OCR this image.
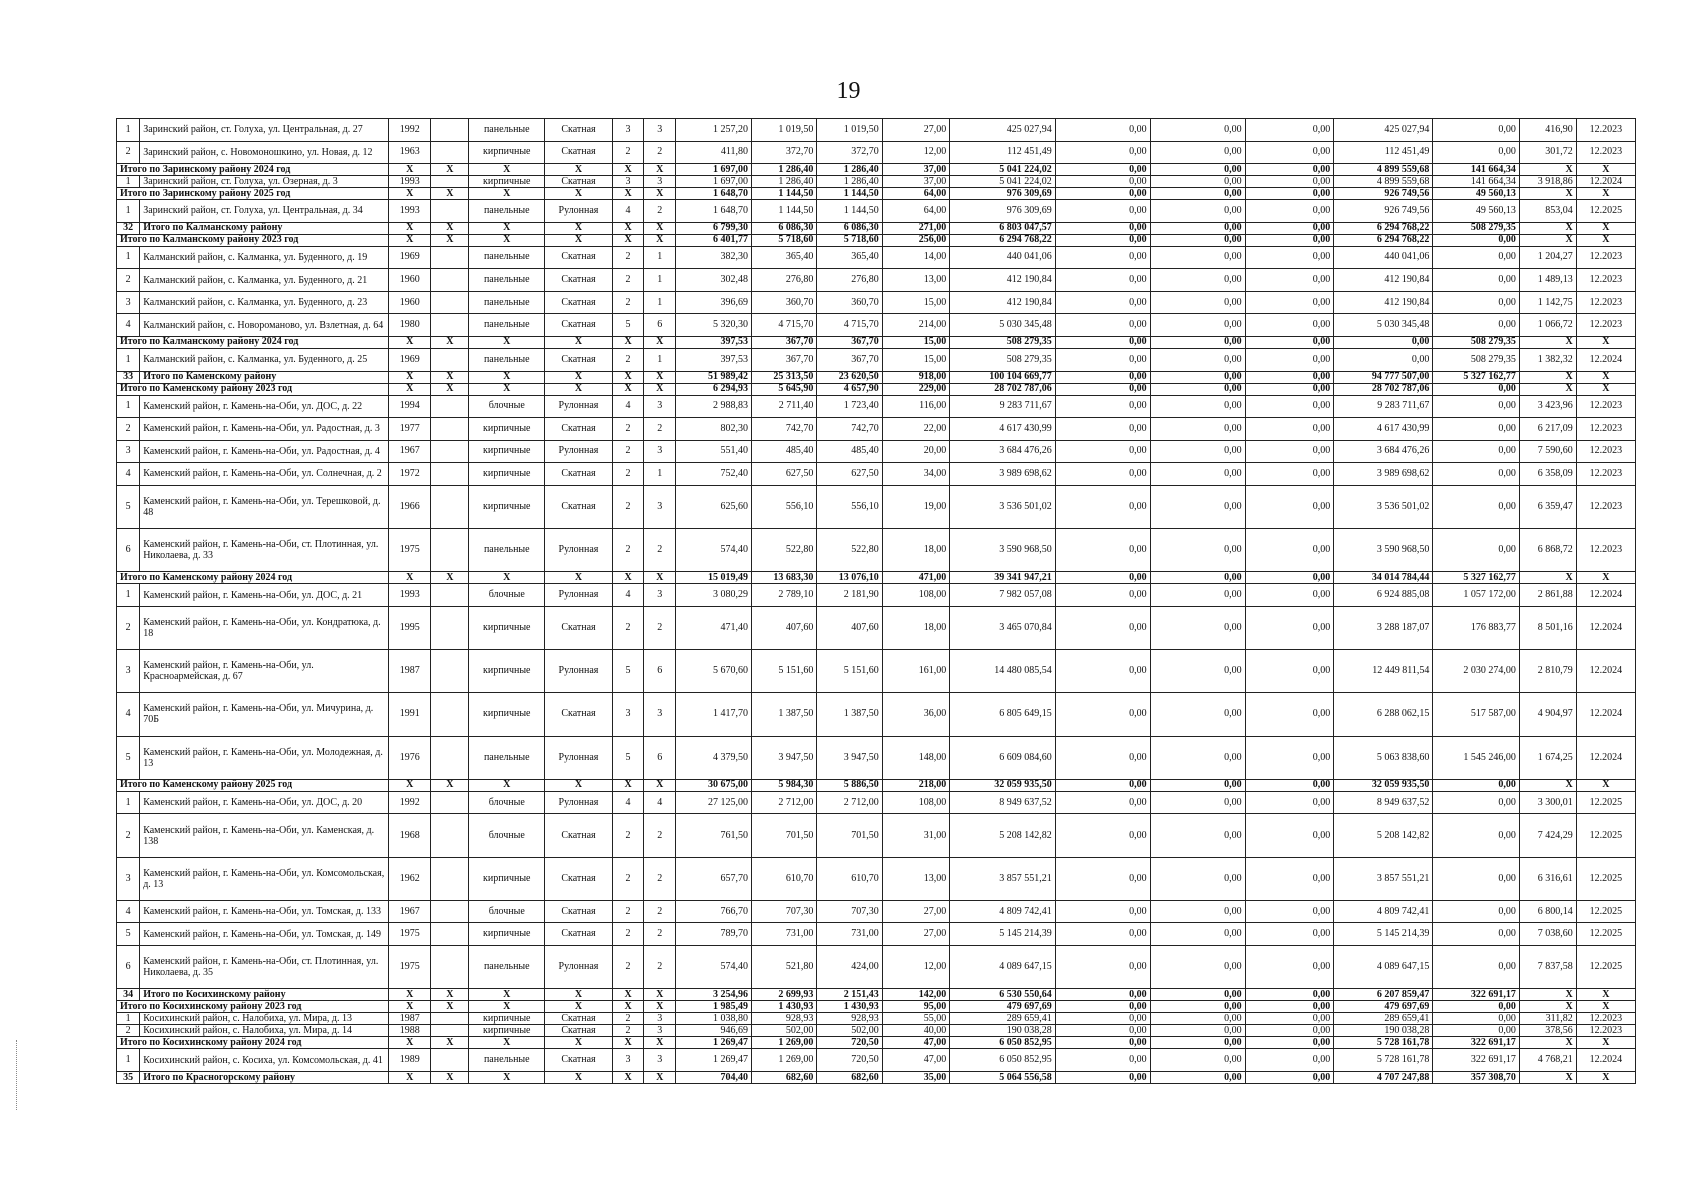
19
1	Заринский район, ст. Голуха, ул. Центральная, д. 27	1992		панельные	Скатная	3	3	1 257,20	1 019,50	1 019,50	27,00	425 027,94	0,00	0,00	0,00	425 027,94	0,00	416,90	12.2023
2	Заринский район, с. Новомоношкино, ул. Новая, д. 12	1963		кирпичные	Скатная	2	2	411,80	372,70	372,70	12,00	112 451,49	0,00	0,00	0,00	112 451,49	0,00	301,72	12.2023
Итого по Заринскому району 2024 год		X	X	X	X	X	X	1 697,00	1 286,40	1 286,40	37,00	5 041 224,02	0,00	0,00	0,00	4 899 559,68	141 664,34	X	X
1	Заринский район, ст. Голуха, ул. Озерная, д. 3	1993		кирпичные	Скатная	3	3	1 697,00	1 286,40	1 286,40	37,00	5 041 224,02	0,00	0,00	0,00	4 899 559,68	141 664,34	3 918,86	12.2024
Итого по Заринскому району 2025 год		X	X	X	X	X	X	1 648,70	1 144,50	1 144,50	64,00	976 309,69	0,00	0,00	0,00	926 749,56	49 560,13	X	X
1	Заринский район, ст. Голуха, ул. Центральная, д. 34	1993		панельные	Рулонная	4	2	1 648,70	1 144,50	1 144,50	64,00	976 309,69	0,00	0,00	0,00	926 749,56	49 560,13	853,04	12.2025
32	Итого по Калманскому району	X	X	X	X	X	X	6 799,30	6 086,30	6 086,30	271,00	6 803 047,57	0,00	0,00	0,00	6 294 768,22	508 279,35	X	X
Итого по Калманскому району 2023 год		X	X	X	X	X	X	6 401,77	5 718,60	5 718,60	256,00	6 294 768,22	0,00	0,00	0,00	6 294 768,22	0,00	X	X
1	Калманский район, с. Калманка, ул. Буденного, д. 19	1969		панельные	Скатная	2	1	382,30	365,40	365,40	14,00	440 041,06	0,00	0,00	0,00	440 041,06	0,00	1 204,27	12.2023
2	Калманский район, с. Калманка, ул. Буденного, д. 21	1960		панельные	Скатная	2	1	302,48	276,80	276,80	13,00	412 190,84	0,00	0,00	0,00	412 190,84	0,00	1 489,13	12.2023
3	Калманский район, с. Калманка, ул. Буденного, д. 23	1960		панельные	Скатная	2	1	396,69	360,70	360,70	15,00	412 190,84	0,00	0,00	0,00	412 190,84	0,00	1 142,75	12.2023
4	Калманский район, с. Новороманово, ул. Взлетная, д. 64	1980		панельные	Скатная	5	6	5 320,30	4 715,70	4 715,70	214,00	5 030 345,48	0,00	0,00	0,00	5 030 345,48	0,00	1 066,72	12.2023
Итого по Калманскому району 2024 год		X	X	X	X	X	X	397,53	367,70	367,70	15,00	508 279,35	0,00	0,00	0,00	0,00	508 279,35	X	X
1	Калманский район, с. Калманка, ул. Буденного, д. 25	1969		панельные	Скатная	2	1	397,53	367,70	367,70	15,00	508 279,35	0,00	0,00	0,00	0,00	508 279,35	1 382,32	12.2024
33	Итого по Каменскому району	X	X	X	X	X	X	51 989,42	25 313,50	23 620,50	918,00	100 104 669,77	0,00	0,00	0,00	94 777 507,00	5 327 162,77	X	X
Итого по Каменскому району 2023 год		X	X	X	X	X	X	6 294,93	5 645,90	4 657,90	229,00	28 702 787,06	0,00	0,00	0,00	28 702 787,06	0,00	X	X
1	Каменский район, г. Камень-на-Оби, ул. ДОС, д. 22	1994		блочные	Рулонная	4	3	2 988,83	2 711,40	1 723,40	116,00	9 283 711,67	0,00	0,00	0,00	9 283 711,67	0,00	3 423,96	12.2023
2	Каменский район, г. Камень-на-Оби, ул. Радостная, д. 3	1977		кирпичные	Скатная	2	2	802,30	742,70	742,70	22,00	4 617 430,99	0,00	0,00	0,00	4 617 430,99	0,00	6 217,09	12.2023
3	Каменский район, г. Камень-на-Оби, ул. Радостная, д. 4	1967		кирпичные	Рулонная	2	3	551,40	485,40	485,40	20,00	3 684 476,26	0,00	0,00	0,00	3 684 476,26	0,00	7 590,60	12.2023
4	Каменский район, г. Камень-на-Оби, ул. Солнечная, д. 2	1972		кирпичные	Скатная	2	1	752,40	627,50	627,50	34,00	3 989 698,62	0,00	0,00	0,00	3 989 698,62	0,00	6 358,09	12.2023
5	Каменский район, г. Камень-на-Оби, ул. Терешковой, д. 48	1966		кирпичные	Скатная	2	3	625,60	556,10	556,10	19,00	3 536 501,02	0,00	0,00	0,00	3 536 501,02	0,00	6 359,47	12.2023
6	Каменский район, г. Камень-на-Оби, ст. Плотинная, ул. Николаева, д. 33	1975		панельные	Рулонная	2	2	574,40	522,80	522,80	18,00	3 590 968,50	0,00	0,00	0,00	3 590 968,50	0,00	6 868,72	12.2023
Итого по Каменскому району 2024 год		X	X	X	X	X	X	15 019,49	13 683,30	13 076,10	471,00	39 341 947,21	0,00	0,00	0,00	34 014 784,44	5 327 162,77	X	X
1	Каменский район, г. Камень-на-Оби, ул. ДОС, д. 21	1993		блочные	Рулонная	4	3	3 080,29	2 789,10	2 181,90	108,00	7 982 057,08	0,00	0,00	0,00	6 924 885,08	1 057 172,00	2 861,88	12.2024
2	Каменский район, г. Камень-на-Оби, ул. Кондратюка, д. 18	1995		кирпичные	Скатная	2	2	471,40	407,60	407,60	18,00	3 465 070,84	0,00	0,00	0,00	3 288 187,07	176 883,77	8 501,16	12.2024
3	Каменский район, г. Камень-на-Оби, ул. Красноармейская, д. 67	1987		кирпичные	Рулонная	5	6	5 670,60	5 151,60	5 151,60	161,00	14 480 085,54	0,00	0,00	0,00	12 449 811,54	2 030 274,00	2 810,79	12.2024
4	Каменский район, г. Камень-на-Оби, ул. Мичурина, д. 70Б	1991		кирпичные	Скатная	3	3	1 417,70	1 387,50	1 387,50	36,00	6 805 649,15	0,00	0,00	0,00	6 288 062,15	517 587,00	4 904,97	12.2024
5	Каменский район, г. Камень-на-Оби, ул. Молодежная, д. 13	1976		панельные	Рулонная	5	6	4 379,50	3 947,50	3 947,50	148,00	6 609 084,60	0,00	0,00	0,00	5 063 838,60	1 545 246,00	1 674,25	12.2024
Итого по Каменскому району 2025 год		X	X	X	X	X	X	30 675,00	5 984,30	5 886,50	218,00	32 059 935,50	0,00	0,00	0,00	32 059 935,50	0,00	X	X
1	Каменский район, г. Камень-на-Оби, ул. ДОС, д. 20	1992		блочные	Рулонная	4	4	27 125,00	2 712,00	2 712,00	108,00	8 949 637,52	0,00	0,00	0,00	8 949 637,52	0,00	3 300,01	12.2025
2	Каменский район, г. Камень-на-Оби, ул. Каменская, д. 138	1968		блочные	Скатная	2	2	761,50	701,50	701,50	31,00	5 208 142,82	0,00	0,00	0,00	5 208 142,82	0,00	7 424,29	12.2025
3	Каменский район, г. Камень-на-Оби, ул. Комсомольская, д. 13	1962		кирпичные	Скатная	2	2	657,70	610,70	610,70	13,00	3 857 551,21	0,00	0,00	0,00	3 857 551,21	0,00	6 316,61	12.2025
4	Каменский район, г. Камень-на-Оби, ул. Томская, д. 133	1967		блочные	Скатная	2	2	766,70	707,30	707,30	27,00	4 809 742,41	0,00	0,00	0,00	4 809 742,41	0,00	6 800,14	12.2025
5	Каменский район, г. Камень-на-Оби, ул. Томская, д. 149	1975		кирпичные	Скатная	2	2	789,70	731,00	731,00	27,00	5 145 214,39	0,00	0,00	0,00	5 145 214,39	0,00	7 038,60	12.2025
6	Каменский район, г. Камень-на-Оби, ст. Плотинная, ул. Николаева, д. 35	1975		панельные	Рулонная	2	2	574,40	521,80	424,00	12,00	4 089 647,15	0,00	0,00	0,00	4 089 647,15	0,00	7 837,58	12.2025
34	Итого по Косихинскому району	X	X	X	X	X	X	3 254,96	2 699,93	2 151,43	142,00	6 530 550,64	0,00	0,00	0,00	6 207 859,47	322 691,17	X	X
Итого по Косихинскому району 2023 год		X	X	X	X	X	X	1 985,49	1 430,93	1 430,93	95,00	479 697,69	0,00	0,00	0,00	479 697,69	0,00	X	X
1	Косихинский район, с. Налобиха, ул. Мира, д. 13	1987		кирпичные	Скатная	2	3	1 038,80	928,93	928,93	55,00	289 659,41	0,00	0,00	0,00	289 659,41	0,00	311,82	12.2023
2	Косихинский район, с. Налобиха, ул. Мира, д. 14	1988		кирпичные	Скатная	2	3	946,69	502,00	502,00	40,00	190 038,28	0,00	0,00	0,00	190 038,28	0,00	378,56	12.2023
Итого по Косихинскому району 2024 год		X	X	X	X	X	X	1 269,47	1 269,00	720,50	47,00	6 050 852,95	0,00	0,00	0,00	5 728 161,78	322 691,17	X	X
1	Косихинский район, с. Косиха, ул. Комсомольская, д. 41	1989		панельные	Скатная	3	3	1 269,47	1 269,00	720,50	47,00	6 050 852,95	0,00	0,00	0,00	5 728 161,78	322 691,17	4 768,21	12.2024
35	Итого по Красногорскому району	X	X	X	X	X	X	704,40	682,60	682,60	35,00	5 064 556,58	0,00	0,00	0,00	4 707 247,88	357 308,70	X	X
